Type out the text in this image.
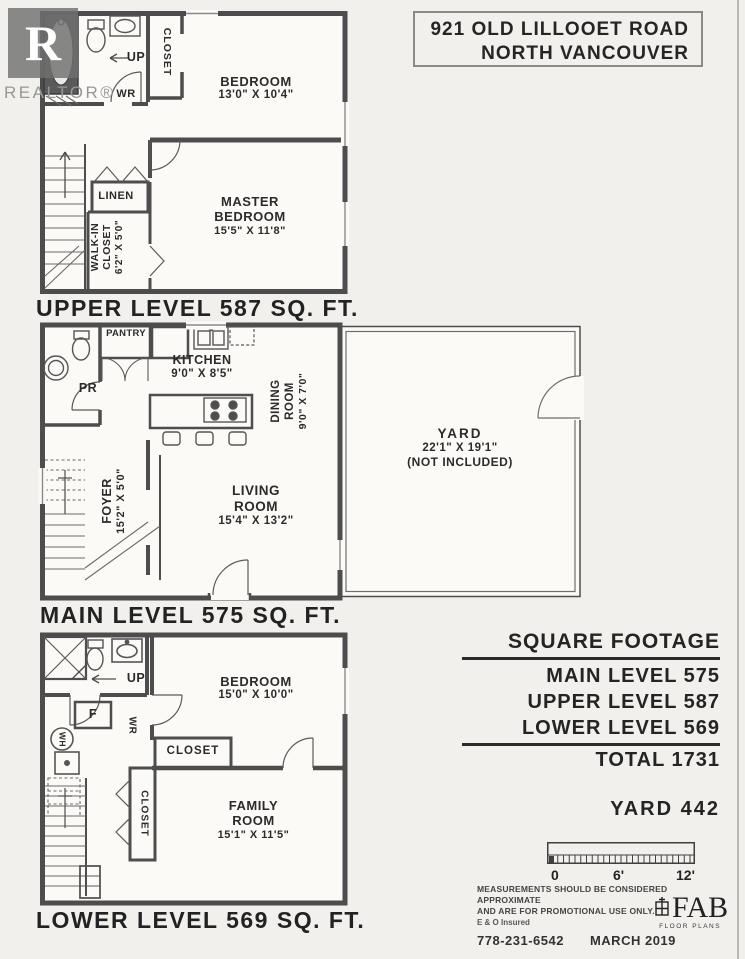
CLOSET
UP
WR
BEDROOM
13'0" X 10'4"
MASTER
BEDROOM
15'5" X 11'8"
LINEN
WALK-IN CLOSET 6'2" X 5'0"
UPPER LEVEL 587 SQ. FT.
PANTRY
PR
KITCHEN
9'0" X 8'5"
DINING ROOM 9'0" X 7'0"
FOYER 15'2" X 5'0"	LIVING
ROOM
15'4" X 13'2"
YARD
22'1" X 19'1"
(NOT INCLUDED)
MAIN LEVEL 575 SQ. FT.
UP
F
WR
WH
CLOSET
BEDROOM
15'0" X 10'0"
CLOSET	FAMILY
ROOM
15'1" X 11'5"
LOWER LEVEL 569 SQ. FT.
R
REALTOR®
921 OLD LILLOOET ROAD
NORTH VANCOUVER
SQUARE FOOTAGE
MAIN LEVEL 575
UPPER LEVEL 587
LOWER LEVEL 569
TOTAL 1731
YARD 442
0	6'	12'
MEASUREMENTS SHOULD BE CONSIDERED APPROXIMATE
AND ARE FOR PROMOTIONAL USE ONLY.
E & O Insured
778-231-6542 MARCH 2019
FAB
FLOOR PLANS
